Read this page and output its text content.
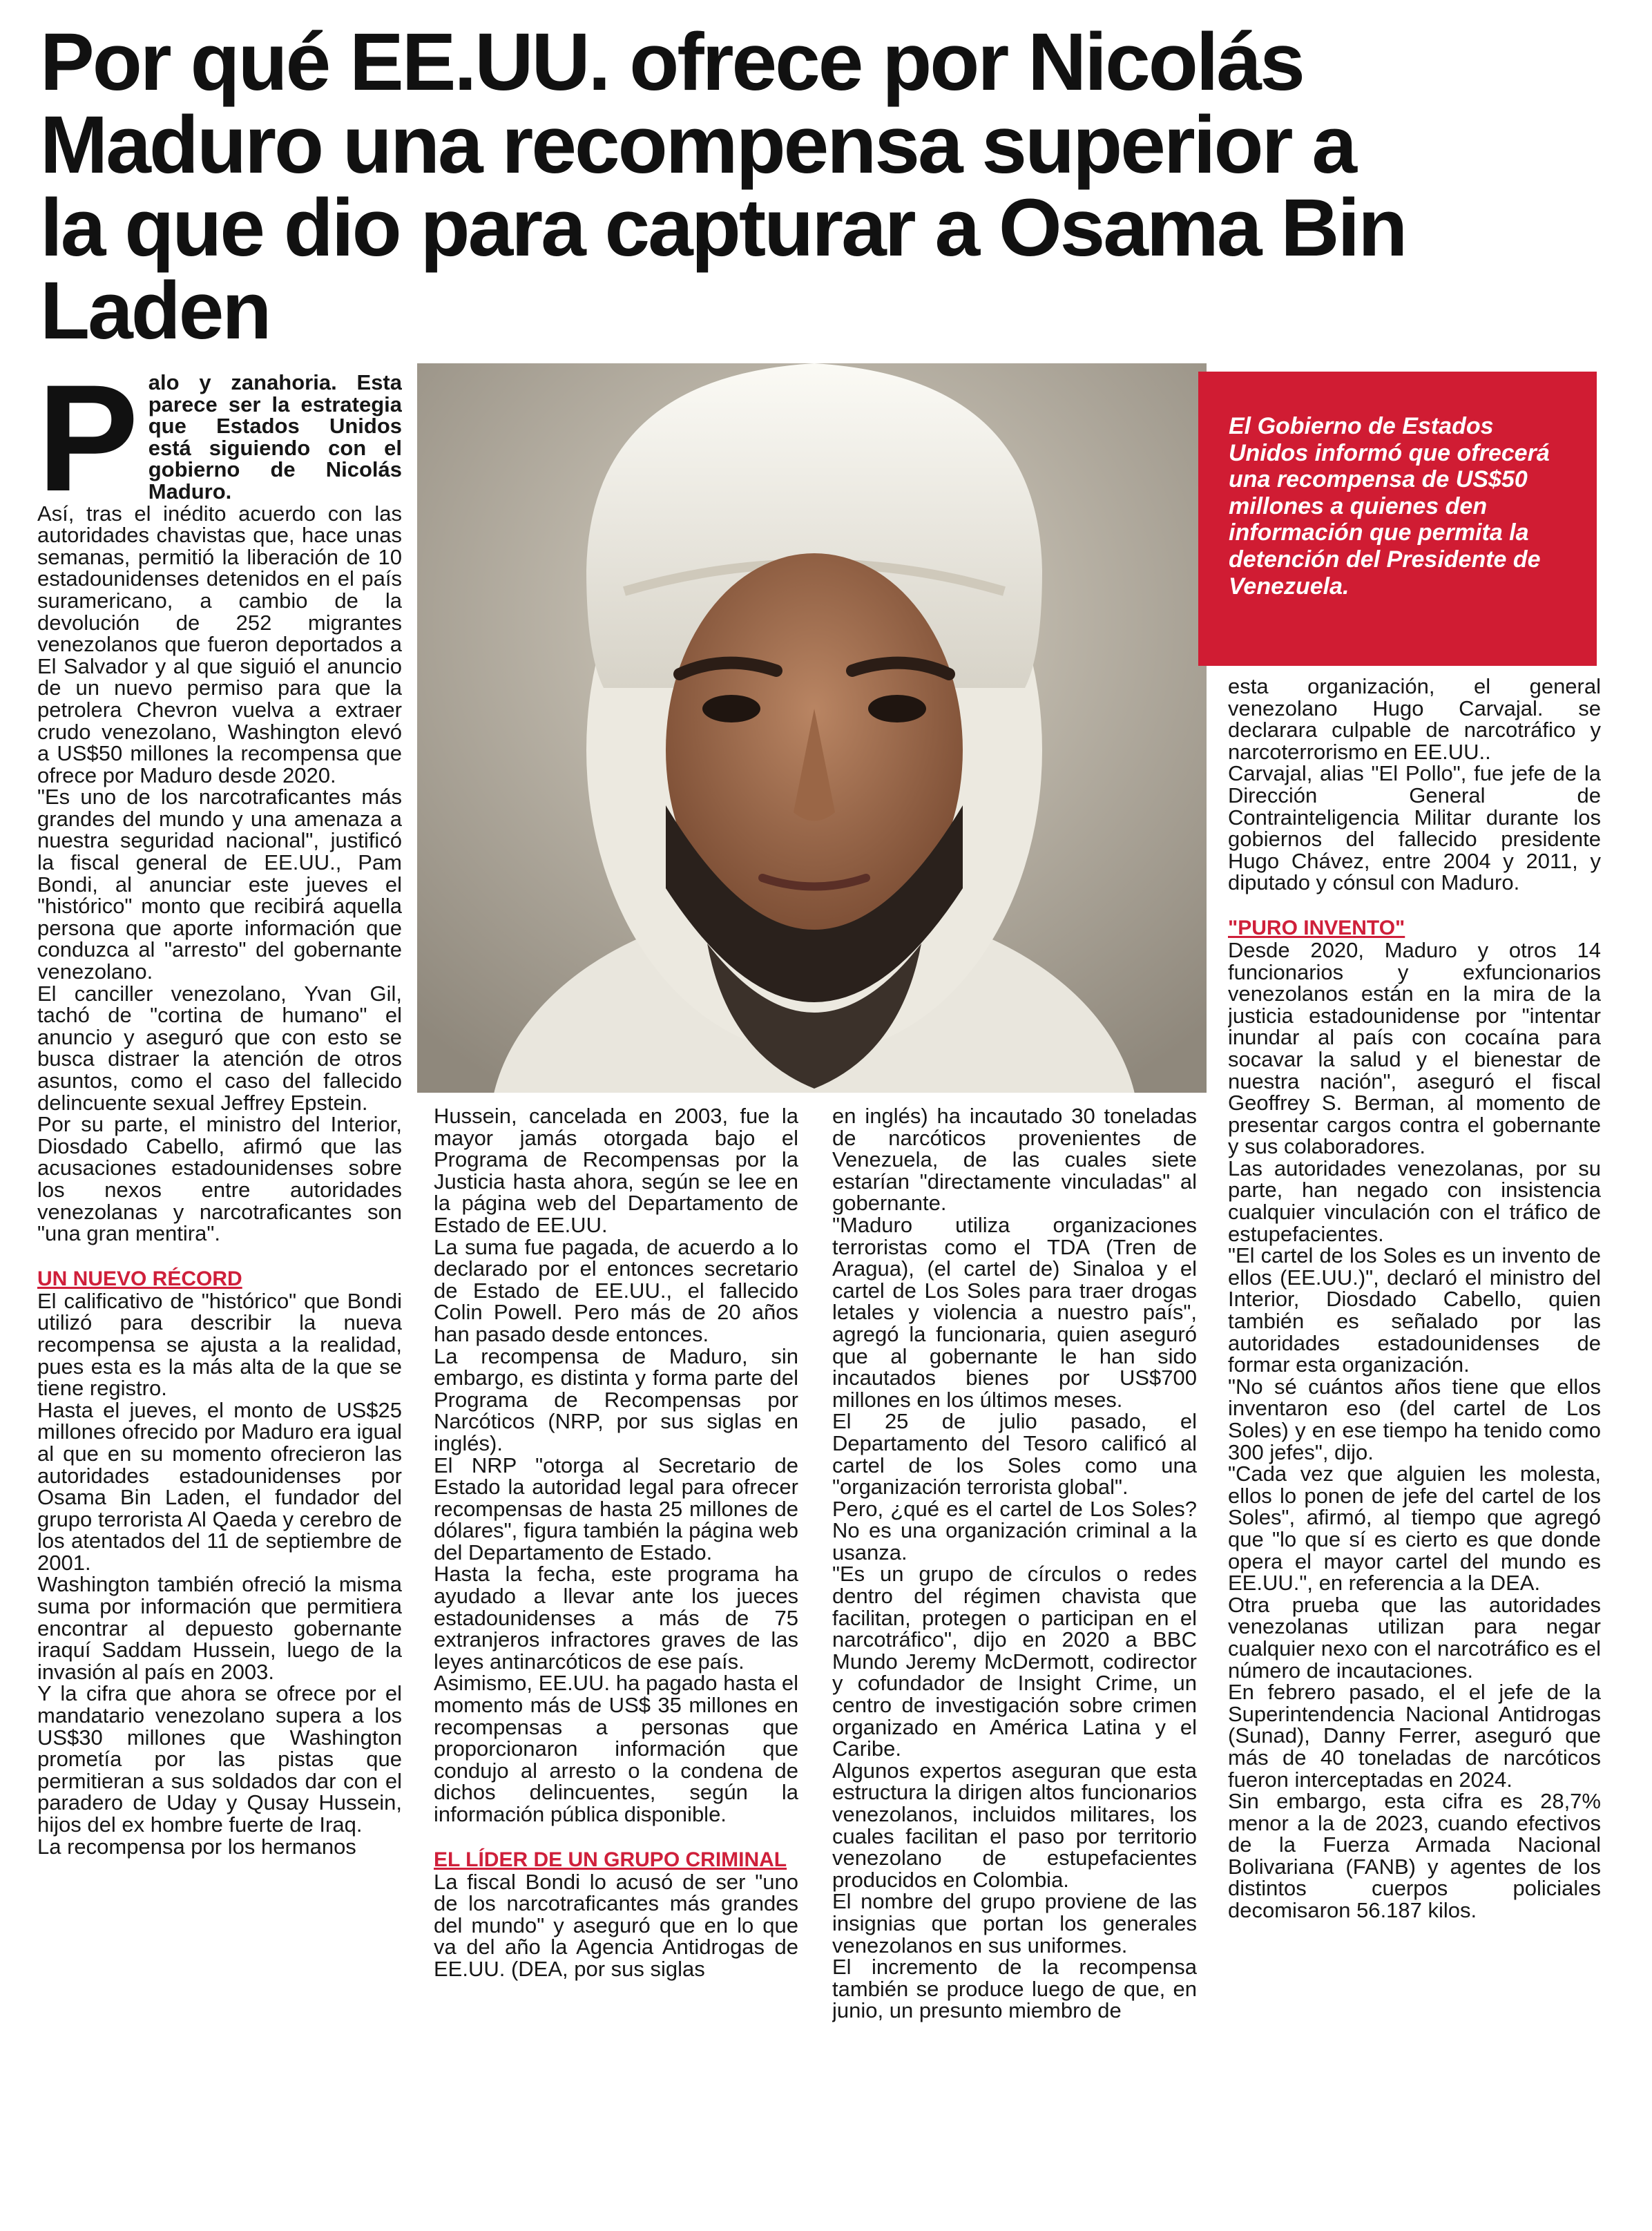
Por qué EE.UU. ofrece por Nicolás
Maduro una recompensa superior a
la que dio para capturar a Osama Bin
Laden
El Gobierno de Estados Unidos informó que ofrecerá una recompensa de US$50 millones a quienes den información que permita la detención del Presidente de Venezuela.
P alo y zanahoria. Esta parece ser la estrategia que Estados Unidos está siguiendo con el gobierno de Nicolás Maduro.

Así, tras el inédito acuerdo con las autoridades chavistas que, hace unas semanas, permitió la liberación de 10 estadounidenses detenidos en el país suramericano, a cambio de la devolución de 252 migrantes venezolanos que fueron deportados a El Salvador y al que siguió el anuncio de un nuevo permiso para que la petrolera Chevron vuelva a extraer crudo venezolano, Washington elevó a US$50 millones la recompensa que ofrece por Maduro desde 2020.

"Es uno de los narcotraficantes más grandes del mundo y una amenaza a nuestra seguridad nacional", justificó la fiscal general de EE.UU., Pam Bondi, al anunciar este jueves el "histórico" monto que recibirá aquella persona que aporte información que conduzca al "arresto" del gobernante venezolano.

El canciller venezolano, Yvan Gil, tachó de "cortina de humano" el anuncio y aseguró que con esto se busca distraer la atención de otros asuntos, como el caso del fallecido delincuente sexual Jeffrey Epstein.

Por su parte, el ministro del Interior, Diosdado Cabello, afirmó que las acusaciones estadounidenses sobre los nexos entre autoridades venezolanas y narcotraficantes son "una gran mentira".

UN NUEVO RÉCORD

El calificativo de "histórico" que Bondi utilizó para describir la nueva recompensa se ajusta a la realidad, pues esta es la más alta de la que se tiene registro.

Hasta el jueves, el monto de US$25 millones ofrecido por Maduro era igual al que en su momento ofrecieron las autoridades estadounidenses por Osama Bin Laden, el fundador del grupo terrorista Al Qaeda y cerebro de los atentados del 11 de septiembre de 2001.

Washington también ofreció la misma suma por información que permitiera encontrar al depuesto gobernante iraquí Saddam Hussein, luego de la invasión al país en 2003.

Y la cifra que ahora se ofrece por el mandatario venezolano supera a los US$30 millones que Washington prometía por las pistas que permitieran a sus soldados dar con el paradero de Uday y Qusay Hussein, hijos del ex hombre fuerte de Iraq.

La recompensa por los hermanos

Hussein, cancelada en 2003, fue la mayor jamás otorgada bajo el Programa de Recompensas por la Justicia hasta ahora, según se lee en la página web del Departamento de Estado de EE.UU.

La suma fue pagada, de acuerdo a lo declarado por el entonces secretario de Estado de EE.UU., el fallecido Colin Powell. Pero más de 20 años han pasado desde entonces.

La recompensa de Maduro, sin embargo, es distinta y forma parte del Programa de Recompensas por Narcóticos (NRP, por sus siglas en inglés).

El NRP "otorga al Secretario de Estado la autoridad legal para ofrecer recompensas de hasta 25 millones de dólares", figura también la página web del Departamento de Estado.

Hasta la fecha, este programa ha ayudado a llevar ante los jueces estadounidenses a más de 75 extranjeros infractores graves de las leyes antinarcóticos de ese país.

Asimismo, EE.UU. ha pagado hasta el momento más de US$ 35 millones en recompensas a personas que proporcionaron información que condujo al arresto o la condena de dichos delincuentes, según la información pública disponible.

EL LÍDER DE UN GRUPO CRIMINAL

La fiscal Bondi lo acusó de ser "uno de los narcotraficantes más grandes del mundo" y aseguró que en lo que va del año la Agencia Antidrogas de EE.UU. (DEA, por sus siglas

en inglés) ha incautado 30 toneladas de narcóticos provenientes de Venezuela, de las cuales siete estarían "directamente vinculadas" al gobernante.

"Maduro utiliza organizaciones terroristas como el TDA (Tren de Aragua), (el cartel de) Sinaloa y el cartel de Los Soles para traer drogas letales y violencia a nuestro país", agregó la funcionaria, quien aseguró que al gobernante le han sido incautados bienes por US$700 millones en los últimos meses.

El 25 de julio pasado, el Departamento del Tesoro calificó al cartel de los Soles como una "organización terrorista global".

Pero, ¿qué es el cartel de Los Soles? No es una organización criminal a la usanza.

"Es un grupo de círculos o redes dentro del régimen chavista que facilitan, protegen o participan en el narcotráfico", dijo en 2020 a BBC Mundo Jeremy McDermott, codirector y cofundador de Insight Crime, un centro de investigación sobre crimen organizado en América Latina y el Caribe.

Algunos expertos aseguran que esta estructura la dirigen altos funcionarios venezolanos, incluidos militares, los cuales facilitan el paso por territorio venezolano de estupefacientes producidos en Colombia.

El nombre del grupo proviene de las insignias que portan los generales venezolanos en sus uniformes.

El incremento de la recompensa también se produce luego de que, en junio, un presunto miembro de

esta organización, el general venezolano Hugo Carvajal. se declarara culpable de narcotráfico y narcoterrorismo en EE.UU..

Carvajal, alias "El Pollo", fue jefe de la Dirección General de Contrainteligencia Militar durante los gobiernos del fallecido presidente Hugo Chávez, entre 2004 y 2011, y diputado y cónsul con Maduro.

"PURO INVENTO"

Desde 2020, Maduro y otros 14 funcionarios y exfuncionarios venezolanos están en la mira de la justicia estadounidense por "intentar inundar al país con cocaína para socavar la salud y el bienestar de nuestra nación", aseguró el fiscal Geoffrey S. Berman, al momento de presentar cargos contra el gobernante y sus colaboradores.

Las autoridades venezolanas, por su parte, han negado con insistencia cualquier vinculación con el tráfico de estupefacientes.

"El cartel de los Soles es un invento de ellos (EE.UU.)", declaró el ministro del Interior, Diosdado Cabello, quien también es señalado por las autoridades estadounidenses de formar esta organización.

"No sé cuántos años tiene que ellos inventaron eso (del cartel de Los Soles) y en ese tiempo ha tenido como 300 jefes", dijo.

"Cada vez que alguien les molesta, ellos lo ponen de jefe del cartel de los Soles", afirmó, al tiempo que agregó que "lo que sí es cierto es que donde opera el mayor cartel del mundo es EE.UU.", en referencia a la DEA.

Otra prueba que las autoridades venezolanas utilizan para negar cualquier nexo con el narcotráfico es el número de incautaciones.

En febrero pasado, el el jefe de la Superintendencia Nacional Antidrogas (Sunad), Danny Ferrer, aseguró que más de 40 toneladas de narcóticos fueron interceptadas en 2024.

Sin embargo, esta cifra es 28,7% menor a la de 2023, cuando efectivos de la Fuerza Armada Nacional Bolivariana (FANB) y agentes de los distintos cuerpos policiales decomisaron 56.187 kilos.
